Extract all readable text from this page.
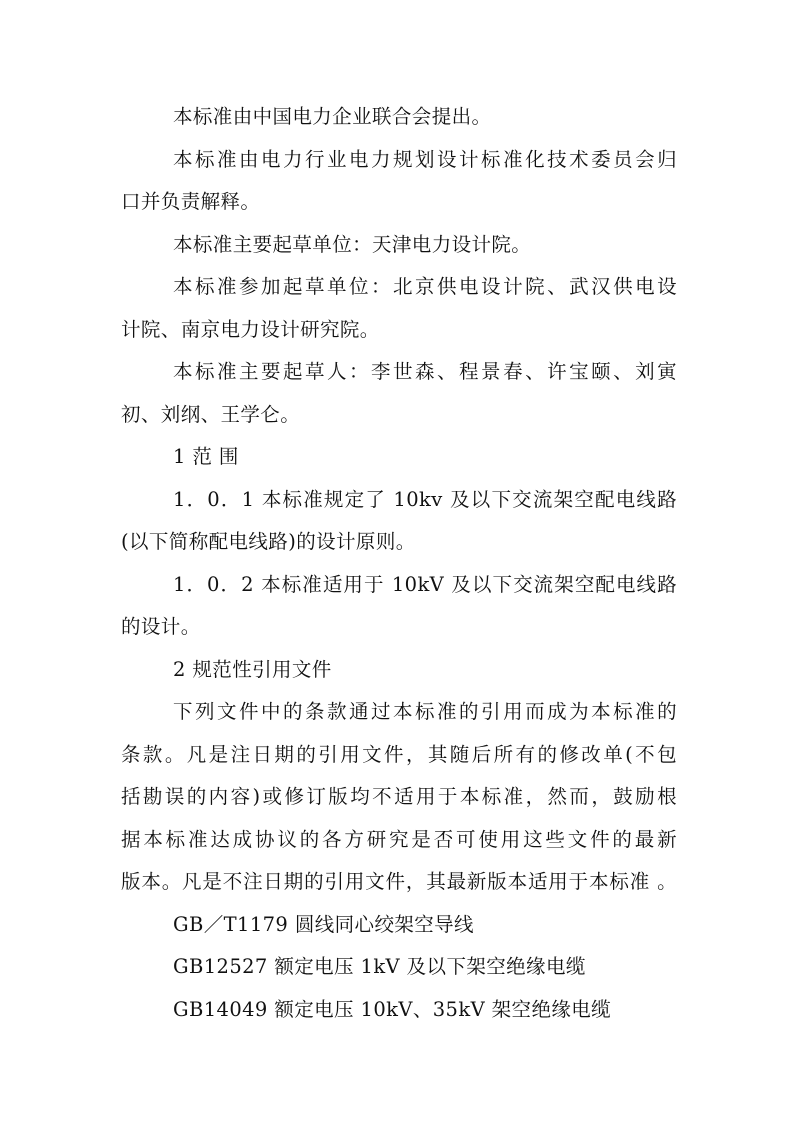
本标准由中国电力企业联合会提出。
本标准由电力行业电力规划设计标准化技术委员会归
口并负责解释。
本标准主要起草单位：天津电力设计院。
本标准参加起草单位：北京供电设计院、武汉供电设
计院、南京电力设计研究院。
本标准主要起草人：李世森、程景春、许宝颐、刘寅
初、刘纲、王学仑。
1 范 围
1．0．1 本标准规定了 10kv 及以下交流架空配电线路
(以下简称配电线路)的设计原则。
1．0．2 本标准适用于 10kV 及以下交流架空配电线路
的设计。
2 规范性引用文件
下列文件中的条款通过本标准的引用而成为本标准的
条款。凡是注日期的引用文件，其随后所有的修改单(不包
括勘误的内容)或修订版均不适用于本标准，然而，鼓励根
据本标准达成协议的各方研究是否可使用这些文件的最新
版本。凡是不注日期的引用文件，其最新版本适用于本标准 。
GB／T1179 圆线同心绞架空导线
GB12527 额定电压 1kV 及以下架空绝缘电缆
GB14049 额定电压 10kV、35kV 架空绝缘电缆
